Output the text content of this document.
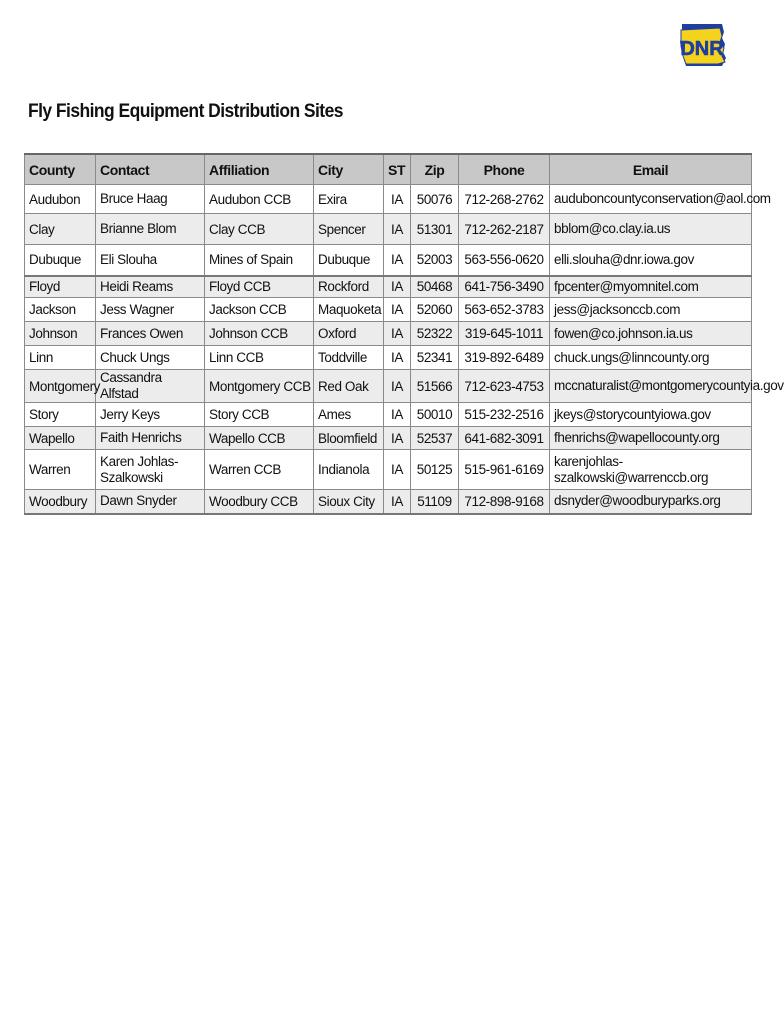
DNR
Fly Fishing Equipment Distribution Sites
County	Contact	Affiliation	City	ST	Zip	Phone	Email
Audubon	Bruce Haag	Audubon CCB	Exira	IA	50076	712-268-2762	auduboncountyconservation@aol.com
Clay	Brianne Blom	Clay CCB	Spencer	IA	51301	712-262-2187	bblom@co.clay.ia.us
Dubuque	Eli Slouha	Mines of Spain	Dubuque	IA	52003	563-556-0620	elli.slouha@dnr.iowa.gov
Floyd	Heidi Reams	Floyd CCB	Rockford	IA	50468	641-756-3490	fpcenter@myomnitel.com
Jackson	Jess Wagner	Jackson CCB	Maquoketa	IA	52060	563-652-3783	jess@jacksonccb.com
Johnson	Frances Owen	Johnson CCB	Oxford	IA	52322	319-645-1011	fowen@co.johnson.ia.us
Linn	Chuck Ungs	Linn CCB	Toddville	IA	52341	319-892-6489	chuck.ungs@linncounty.org
Montgomery	Cassandra Alfstad	Montgomery CCB	Red Oak	IA	51566	712-623-4753	mccnaturalist@montgomerycountyia.gov
Story	Jerry Keys	Story CCB	Ames	IA	50010	515-232-2516	jkeys@storycountyiowa.gov
Wapello	Faith Henrichs	Wapello CCB	Bloomfield	IA	52537	641-682-3091	fhenrichs@wapellocounty.org
Warren	Karen Johlas-Szalkowski	Warren CCB	Indianola	IA	50125	515-961-6169	karenjohlas- szalkowski@warrenccb.org
Woodbury	Dawn Snyder	Woodbury CCB	Sioux City	IA	51109	712-898-9168	dsnyder@woodburyparks.org
